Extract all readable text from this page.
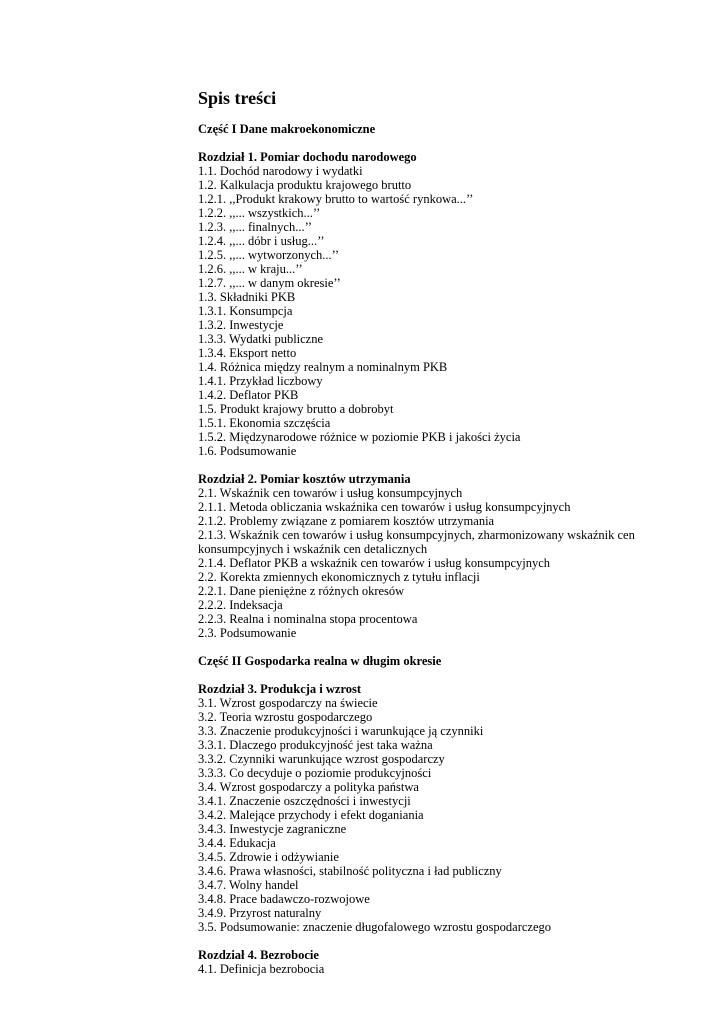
Spis treści
Część I Dane makroekonomiczne
Rozdział 1. Pomiar dochodu narodowego
1.1. Dochód narodowy i wydatki
1.2. Kalkulacja produktu krajowego brutto
1.2.1. ,,Produkt krakowy brutto to wartość rynkowa...’’
1.2.2. ,,... wszystkich...’’
1.2.3. ,,... finalnych...’’
1.2.4. ,,... dóbr i usług...’’
1.2.5. ,,... wytworzonych...’’
1.2.6. ,,... w kraju...’’
1.2.7. ,,... w danym okresie’’
1.3. Składniki PKB
1.3.1. Konsumpcja
1.3.2. Inwestycje
1.3.3. Wydatki publiczne
1.3.4. Eksport netto
1.4. Różnica między realnym a nominalnym PKB
1.4.1. Przykład liczbowy
1.4.2. Deflator PKB
1.5. Produkt krajowy brutto a dobrobyt
1.5.1. Ekonomia szczęścia
1.5.2. Międzynarodowe różnice w poziomie PKB i jakości życia
1.6. Podsumowanie
Rozdział 2. Pomiar kosztów utrzymania
2.1. Wskaźnik cen towarów i usług konsumpcyjnych
2.1.1. Metoda obliczania wskaźnika cen towarów i usług konsumpcyjnych
2.1.2. Problemy związane z pomiarem kosztów utrzymania
2.1.3. Wskaźnik cen towarów i usług konsumpcyjnych, zharmonizowany wskaźnik cen konsumpcyjnych i wskaźnik cen detalicznych
2.1.4. Deflator PKB a wskaźnik cen towarów i usług konsumpcyjnych
2.2. Korekta zmiennych ekonomicznych z tytułu inflacji
2.2.1. Dane pieniężne z różnych okresów
2.2.2. Indeksacja
2.2.3. Realna i nominalna stopa procentowa
2.3. Podsumowanie
Część II Gospodarka realna w długim okresie
Rozdział 3. Produkcja i wzrost
3.1. Wzrost gospodarczy na świecie
3.2. Teoria wzrostu gospodarczego
3.3. Znaczenie produkcyjności i warunkujące ją czynniki
3.3.1. Dlaczego produkcyjność jest taka ważna
3.3.2. Czynniki warunkujące wzrost gospodarczy
3.3.3. Co decyduje o poziomie produkcyjności
3.4. Wzrost gospodarczy a polityka państwa
3.4.1. Znaczenie oszczędności i inwestycji
3.4.2. Malejące przychody i efekt doganiania
3.4.3. Inwestycje zagraniczne
3.4.4. Edukacja
3.4.5. Zdrowie i odżywianie
3.4.6. Prawa własności, stabilność polityczna i ład publiczny
3.4.7. Wolny handel
3.4.8. Prace badawczo-rozwojowe
3.4.9. Przyrost naturalny
3.5. Podsumowanie: znaczenie długofalowego wzrostu gospodarczego
Rozdział 4. Bezrobocie
4.1. Definicja bezrobocia
